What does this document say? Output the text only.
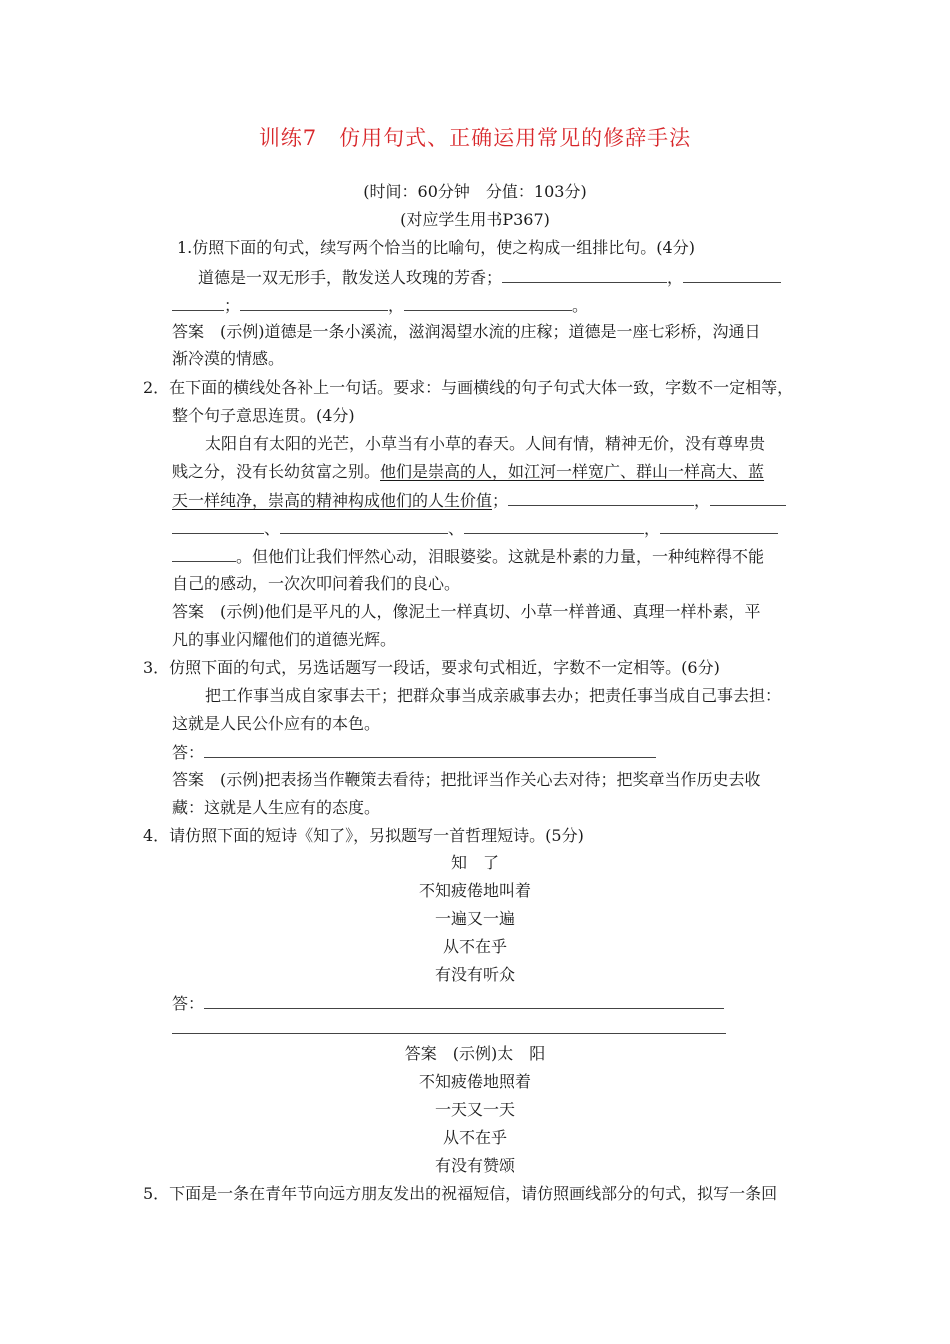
训练7　仿用句式、正确运用常见的修辞手法
(时间：60分钟　分值：103分)
(对应学生用书P367)
1.仿照下面的句式，续写两个恰当的比喻句，使之构成一组排比句。(4分)
道德是一双无形手，散发送人玫瑰的芳香；	，
；	，	。
答案　 (示例)道德是一条小溪流，滋润渴望水流的庄稼；道德是一座七彩桥，沟通日
渐冷漠的情感。
2．在下面的横线处各补上一句话。要求：与画横线的句子句式大体一致，字数不一定相等，
整个句子意思连贯。(4分)
太阳自有太阳的光芒，小草当有小草的春天。人间有情，精神无价，没有尊卑贵
贱之分，没有长幼贫富之别。他们是崇高的人，如江河一样宽广、群山一样高大、蓝
天一样纯净，崇高的精神构成他们的人生价值；	，
、	、	，
。但他们让我们怦然心动，泪眼婆娑。这就是朴素的力量，一种纯粹得不能
自己的感动，一次次叩问着我们的良心。
答案　 (示例)他们是平凡的人，像泥土一样真切、小草一样普通、真理一样朴素，平
凡的事业闪耀他们的道德光辉。
3．仿照下面的句式，另选话题写一段话，要求句式相近，字数不一定相等。(6分)
把工作事当成自家事去干；把群众事当成亲戚事去办；把责任事当成自己事去担：
这就是人民公仆应有的本色。
答：
答案　 (示例)把表扬当作鞭策去看待；把批评当作关心去对待；把奖章当作历史去收
藏：这就是人生应有的态度。
4．请仿照下面的短诗《知了》，另拟题写一首哲理短诗。(5分)
知　了
不知疲倦地叫着
一遍又一遍
从不在乎
有没有听众
答：
答案　(示例)太　阳
不知疲倦地照着
一天又一天
从不在乎
有没有赞颂
5．下面是一条在青年节向远方朋友发出的祝福短信，请仿照画线部分的句式，拟写一条回
